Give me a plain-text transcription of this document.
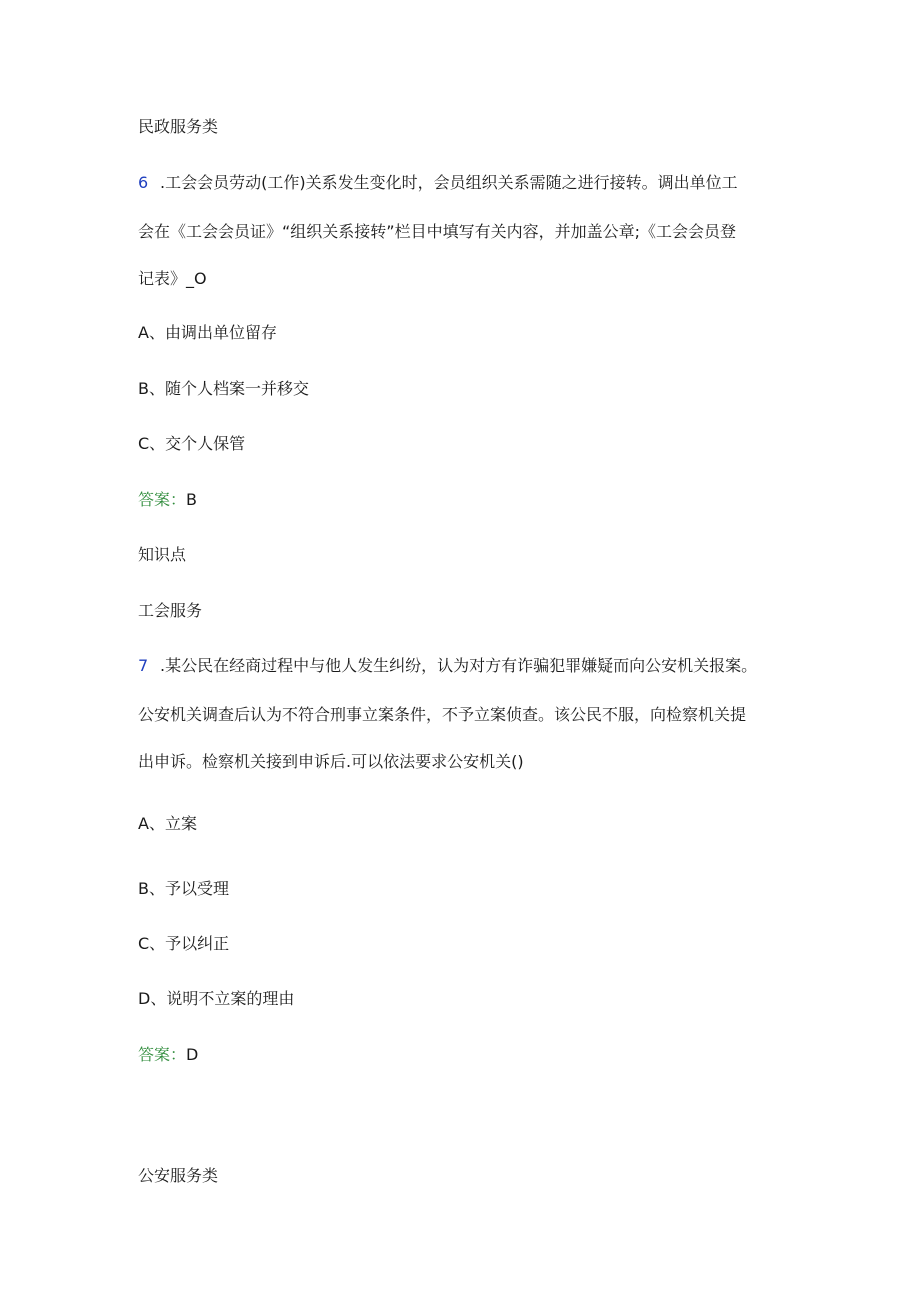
民政服务类
6 .工会会员劳动(工作)关系发生变化时，会员组织关系需随之进行接转。调出单位工
会在《工会会员证》“组织关系接转”栏目中填写有关内容，并加盖公章;《工会会员登
记表》_O
A、由调出单位留存
B、随个人档案一并移交
C、交个人保管
答案：B
知识点
工会服务
7 .某公民在经商过程中与他人发生纠纷，认为对方有诈骗犯罪嫌疑而向公安机关报案。
公安机关调查后认为不符合刑事立案条件，不予立案侦查。该公民不服，向检察机关提
出申诉。检察机关接到申诉后.可以依法要求公安机关()
A、立案
B、予以受理
C、予以纠正
D、说明不立案的理由
答案：D
公安服务类
